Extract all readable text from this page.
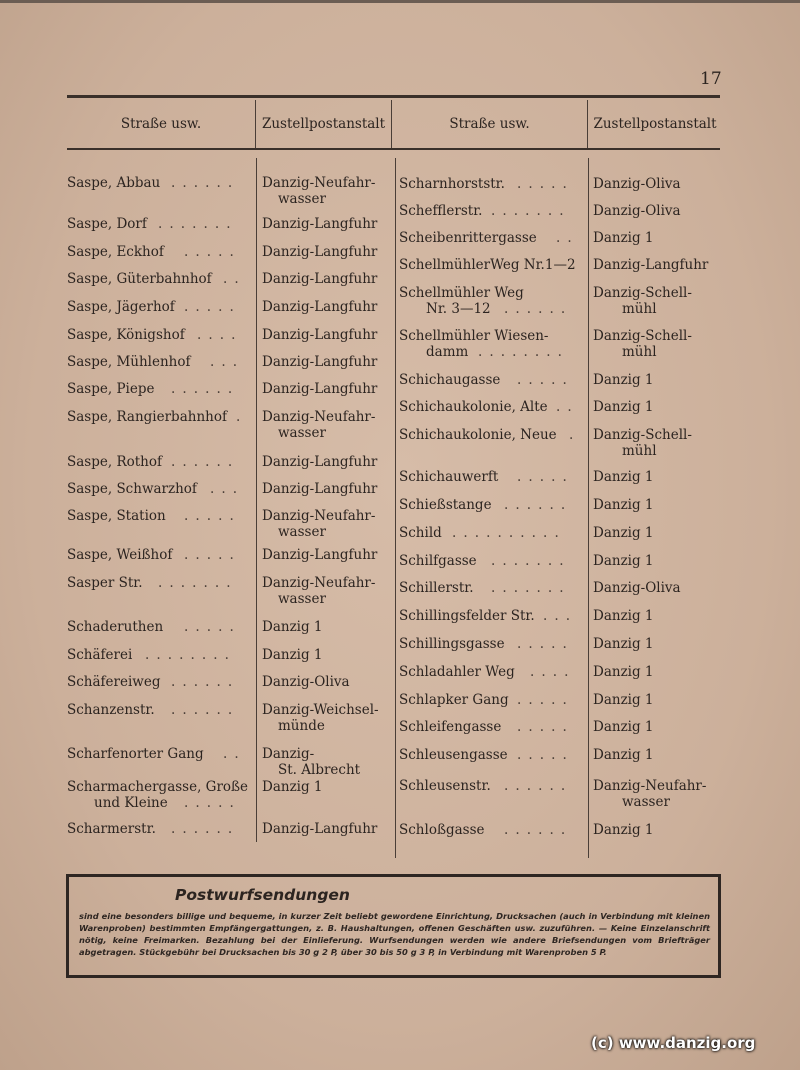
17
Straße usw.	Zustellpostanstalt	Straße usw.	Zustellpostanstalt
Saspe, Abbau . . . . . . Danzig-Neufahr-
wasser
Saspe, Dorf . . . . . . . Danzig-Langfuhr
Saspe, Eckhof . . . . . Danzig-Langfuhr
Saspe, Güterbahnhof . . Danzig-Langfuhr
Saspe, Jägerhof . . . . . Danzig-Langfuhr
Saspe, Königshof . . . . Danzig-Langfuhr
Saspe, Mühlenhof . . . Danzig-Langfuhr
Saspe, Piepe . . . . . . Danzig-Langfuhr
Saspe, Rangierbahnhof . Danzig-Neufahr-
wasser
Saspe, Rothof . . . . . . Danzig-Langfuhr
Saspe, Schwarzhof . . . Danzig-Langfuhr
Saspe, Station . . . . . Danzig-Neufahr-
wasser
Saspe, Weißhof . . . . . Danzig-Langfuhr
Sasper Str. . . . . . . . Danzig-Neufahr-
wasser
Schaderuthen . . . . . Danzig 1
Schäferei . . . . . . . . Danzig 1
Schäfereiweg . . . . . . Danzig-Oliva
Schanzenstr. . . . . . . Danzig-Weichsel-
münde
Scharfenorter Gang . . Danzig-
St. Albrecht
Scharmachergasse, Große
und Kleine . . . . .
Danzig 1
Scharmerstr. . . . . . . Danzig-Langfuhr
Scharnhorststr. . . . . . Danzig-Oliva
Schefflerstr. . . . . . . . Danzig-Oliva
Scheibenrittergasse . . Danzig 1
SchellmühlerWeg Nr.1—2 Danzig-Langfuhr
Schellmühler Weg
Nr. 3—12 . . . . . .
Danzig-Schell-
mühl
Schellmühler Wiesen-
damm . . . . . . . .
Danzig-Schell-
mühl
Schichaugasse . . . . . Danzig 1
Schichaukolonie, Alte . . Danzig 1
Schichaukolonie, Neue . Danzig-Schell-
mühl
Schichauwerft . . . . . Danzig 1
Schießstange . . . . . . Danzig 1
Schild . . . . . . . . . . Danzig 1
Schilfgasse . . . . . . . Danzig 1
Schillerstr. . . . . . . . Danzig-Oliva
Schillingsfelder Str. . . . Danzig 1
Schillingsgasse . . . . . Danzig 1
Schladahler Weg . . . . Danzig 1
Schlapker Gang . . . . . Danzig 1
Schleifengasse . . . . . Danzig 1
Schleusengasse . . . . . Danzig 1
Schleusenstr. . . . . . . Danzig-Neufahr-
wasser
Schloßgasse . . . . . . Danzig 1
Postwurfsendungen
sind eine besonders billige und bequeme, in kurzer Zeit beliebt gewordene Einrichtung, Drucksachen (auch in Verbindung mit kleinen Warenproben) bestimmten Empfängergattungen, z. B. Haushaltungen, offenen Geschäften usw. zuzuführen. — Keine Einzelanschrift nötig, keine Freimarken. Bezahlung bei der Einlieferung. Wurfsendungen werden wie andere Briefsendungen vom Briefträger abgetragen. Stückgebühr bei Drucksachen bis 30 g 2 P, über 30 bis 50 g 3 P, in Verbindung mit Warenproben 5 P.
(c) www.danzig.org
